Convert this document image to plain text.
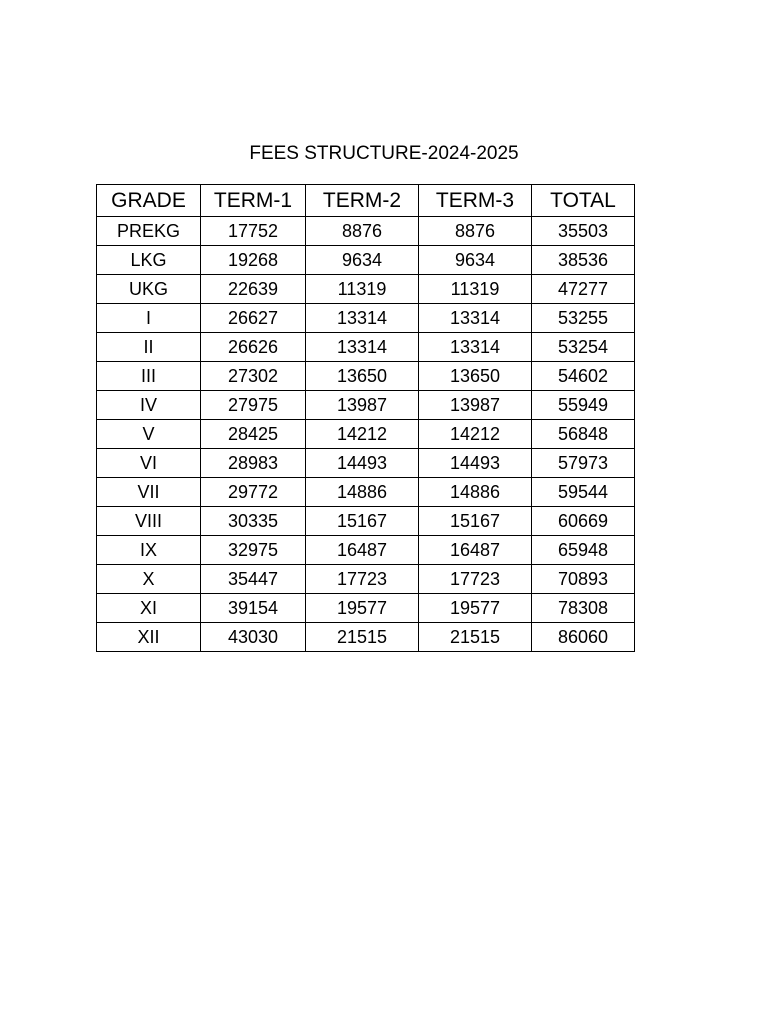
FEES STRUCTURE-2024-2025
GRADE	TERM-1	TERM-2	TERM-3	TOTAL
PREKG	17752	8876	8876	35503
LKG	19268	9634	9634	38536
UKG	22639	11319	11319	47277
I	26627	13314	13314	53255
II	26626	13314	13314	53254
III	27302	13650	13650	54602
IV	27975	13987	13987	55949
V	28425	14212	14212	56848
VI	28983	14493	14493	57973
VII	29772	14886	14886	59544
VIII	30335	15167	15167	60669
IX	32975	16487	16487	65948
X	35447	17723	17723	70893
XI	39154	19577	19577	78308
XII	43030	21515	21515	86060
